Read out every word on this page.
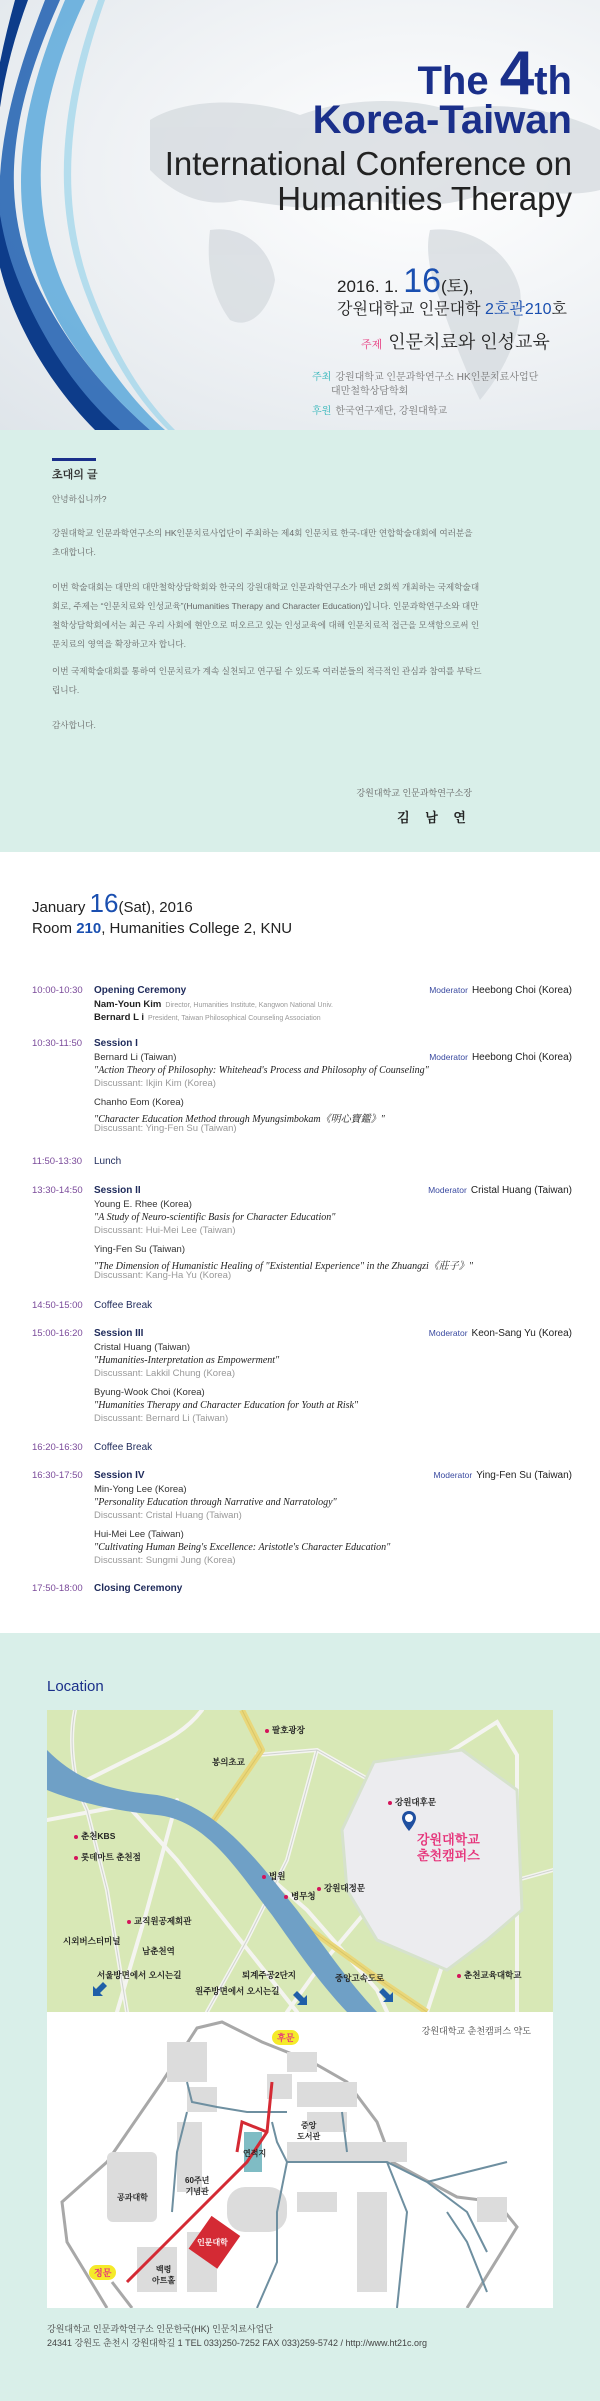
The 4th
Korea-Taiwan
International Conference on
Humanities Therapy
2016. 1. 16(토),
강원대학교 인문대학 2호관210호
주제 인문치료와 인성교육
주최 강원대학교 인문과학연구소 HK인문치료사업단
대만철학상담학회
후원 한국연구재단, 강원대학교
초대의 글
안녕하십니까?
강원대학교 인문과학연구소의 HK인문치료사업단이 주최하는 제4회 인문치료 한국-대만 연합학술대회에 여러분을 초대합니다.
이번 학술대회는 대만의 대만철학상담학회와 한국의 강원대학교 인문과학연구소가 매년 2회씩 개최하는 국제학술대회로, 주제는 “인문치료와 인성교육”(Humanities Therapy and Character Education)입니다. 인문과학연구소와 대만철학상담학회에서는 최근 우리 사회에 현안으로 떠오르고 있는 인성교육에 대해 인문치료적 접근을 모색함으로써 인문치료의 영역을 확장하고자 합니다.
이번 국제학술대회를 통하여 인문치료가 계속 실천되고 연구될 수 있도록 여러분들의 적극적인 관심과 참여를 부탁드립니다.
감사합니다.
강원대학교 인문과학연구소장
김 남 연
January 16(Sat), 2016
Room 210, Humanities College 2, KNU
10:00-10:30 Opening Ceremony	Moderator Heebong Choi (Korea)
Nam-Youn Kim Director, Humanities Institute, Kangwon National Univ.
Bernard L i President, Taiwan Philosophical Counseling Association
10:30-11:50 Session I
Moderator Heebong Choi (Korea)
Bernard Li (Taiwan)
"Action Theory of Philosophy: Whitehead's Process and Philosophy of Counseling"
Discussant: Ikjin Kim (Korea)
Chanho Eom (Korea)
"Character Education Method through Myungsimbokam《明心寶鑑》"
Discussant: Ying-Fen Su (Taiwan)
11:50-13:30 Lunch
13:30-14:50 Session II	Moderator Cristal Huang (Taiwan)
Young E. Rhee (Korea)
"A Study of Neuro-scientific Basis for Character Education"
Discussant: Hui-Mei Lee (Taiwan)
Ying-Fen Su (Taiwan)
"The Dimension of Humanistic Healing of "Existential Experience" in the Zhuangzi《莊子》"
Discussant: Kang-Ha Yu (Korea)
14:50-15:00 Coffee Break
15:00-16:20 Session III	Moderator Keon-Sang Yu (Korea)
Cristal Huang (Taiwan)
"Humanities-Interpretation as Empowerment"
Discussant: Lakkil Chung (Korea)
Byung-Wook Choi (Korea)
"Humanities Therapy and Character Education for Youth at Risk"
Discussant: Bernard Li (Taiwan)
16:20-16:30 Coffee Break
16:30-17:50 Session IV	Moderator Ying-Fen Su (Taiwan)
Min-Yong Lee (Korea)
"Personality Education through Narrative and Narratology"
Discussant: Cristal Huang (Taiwan)
Hui-Mei Lee (Taiwan)
"Cultivating Human Being's Excellence: Aristotle's Character Education"
Discussant: Sungmi Jung (Korea)
17:50-18:00 Closing Ceremony
Location
강원대학교
춘천캠퍼스
팔호광장
봉의초교
강원대후문
춘천KBS
롯데마트 춘천점
법원
병무청
강원대정문
교직원공제회관
시외버스터미널
남춘천역
퇴계주공2단지	춘천교육대학교
서울방면에서 오시는길
원주방면에서 오시는길
중앙고속도로
강원대학교 춘천캠퍼스 약도
후문
정문
중앙
도서관
연적지
60주년
기념관
공과대학
인문대학
백령
아트홀
강원대학교 인문과학연구소 인문한국(HK) 인문치료사업단
24341 강원도 춘천시 강원대학길 1 TEL 033)250-7252 FAX 033)259-5742 / http://www.ht21c.org
